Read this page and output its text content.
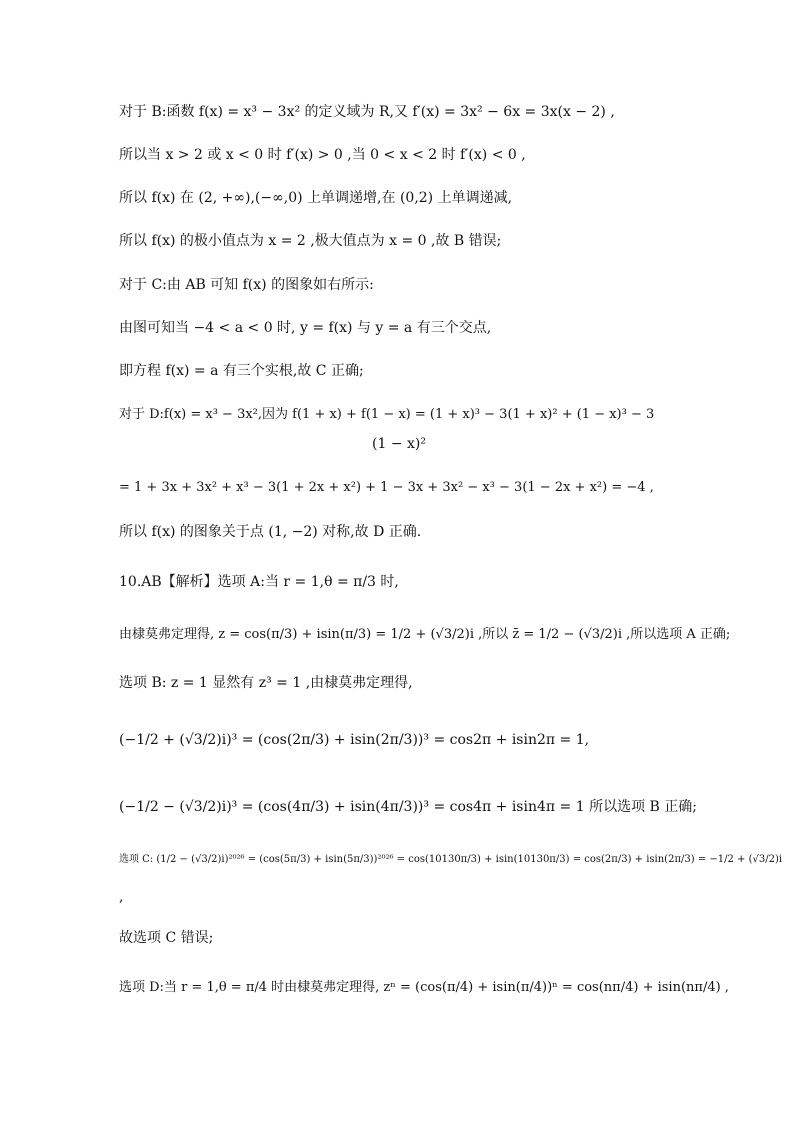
对于 B:函数 f(x) = x³ − 3x² 的定义域为 R,又 f′(x) = 3x² − 6x = 3x(x − 2) ,
所以当 x > 2 或 x < 0 时 f′(x) > 0 ,当 0 < x < 2 时 f′(x) < 0 ,
所以 f(x) 在 (2, +∞),(−∞,0) 上单调递增,在 (0,2) 上单调递减,
所以 f(x) 的极小值点为 x = 2 ,极大值点为 x = 0 ,故 B 错误;
对于 C:由 AB 可知 f(x) 的图象如右所示:
由图可知当 −4 < a < 0 时, y = f(x) 与 y = a 有三个交点,
即方程 f(x) = a 有三个实根,故 C 正确;
对于 D:f(x) = x³ − 3x²,因为 f(1 + x) + f(1 − x) = (1 + x)³ − 3(1 + x)² + (1 − x)³ − 3
(1 − x)²
= 1 + 3x + 3x² + x³ − 3(1 + 2x + x²) + 1 − 3x + 3x² − x³ − 3(1 − 2x + x²) = −4 ,
所以 f(x) 的图象关于点 (1, −2) 对称,故 D 正确.
10.AB【解析】选项 A:当 r = 1,θ = π/3 时,
由棣莫弗定理得, z = cos(π/3) + isin(π/3) = 1/2 + (√3/2)i ,所以 z̄ = 1/2 − (√3/2)i ,所以选项 A 正确;
选项 B: z = 1 显然有 z³ = 1 ,由棣莫弗定理得,
(−1/2 + (√3/2)i)³ = (cos(2π/3) + isin(2π/3))³ = cos2π + isin2π = 1,
(−1/2 − (√3/2)i)³ = (cos(4π/3) + isin(4π/3))³ = cos4π + isin4π = 1 所以选项 B 正确;
选项 C: (1/2 − (√3/2)i)²⁰²⁶ = (cos(5π/3) + isin(5π/3))²⁰²⁶ = cos(10130π/3) + isin(10130π/3) = cos(2π/3) + isin(2π/3) = −1/2 + (√3/2)i
,
故选项 C 错误;
选项 D:当 r = 1,θ = π/4 时由棣莫弗定理得, zⁿ = (cos(π/4) + isin(π/4))ⁿ = cos(nπ/4) + isin(nπ/4) ,
